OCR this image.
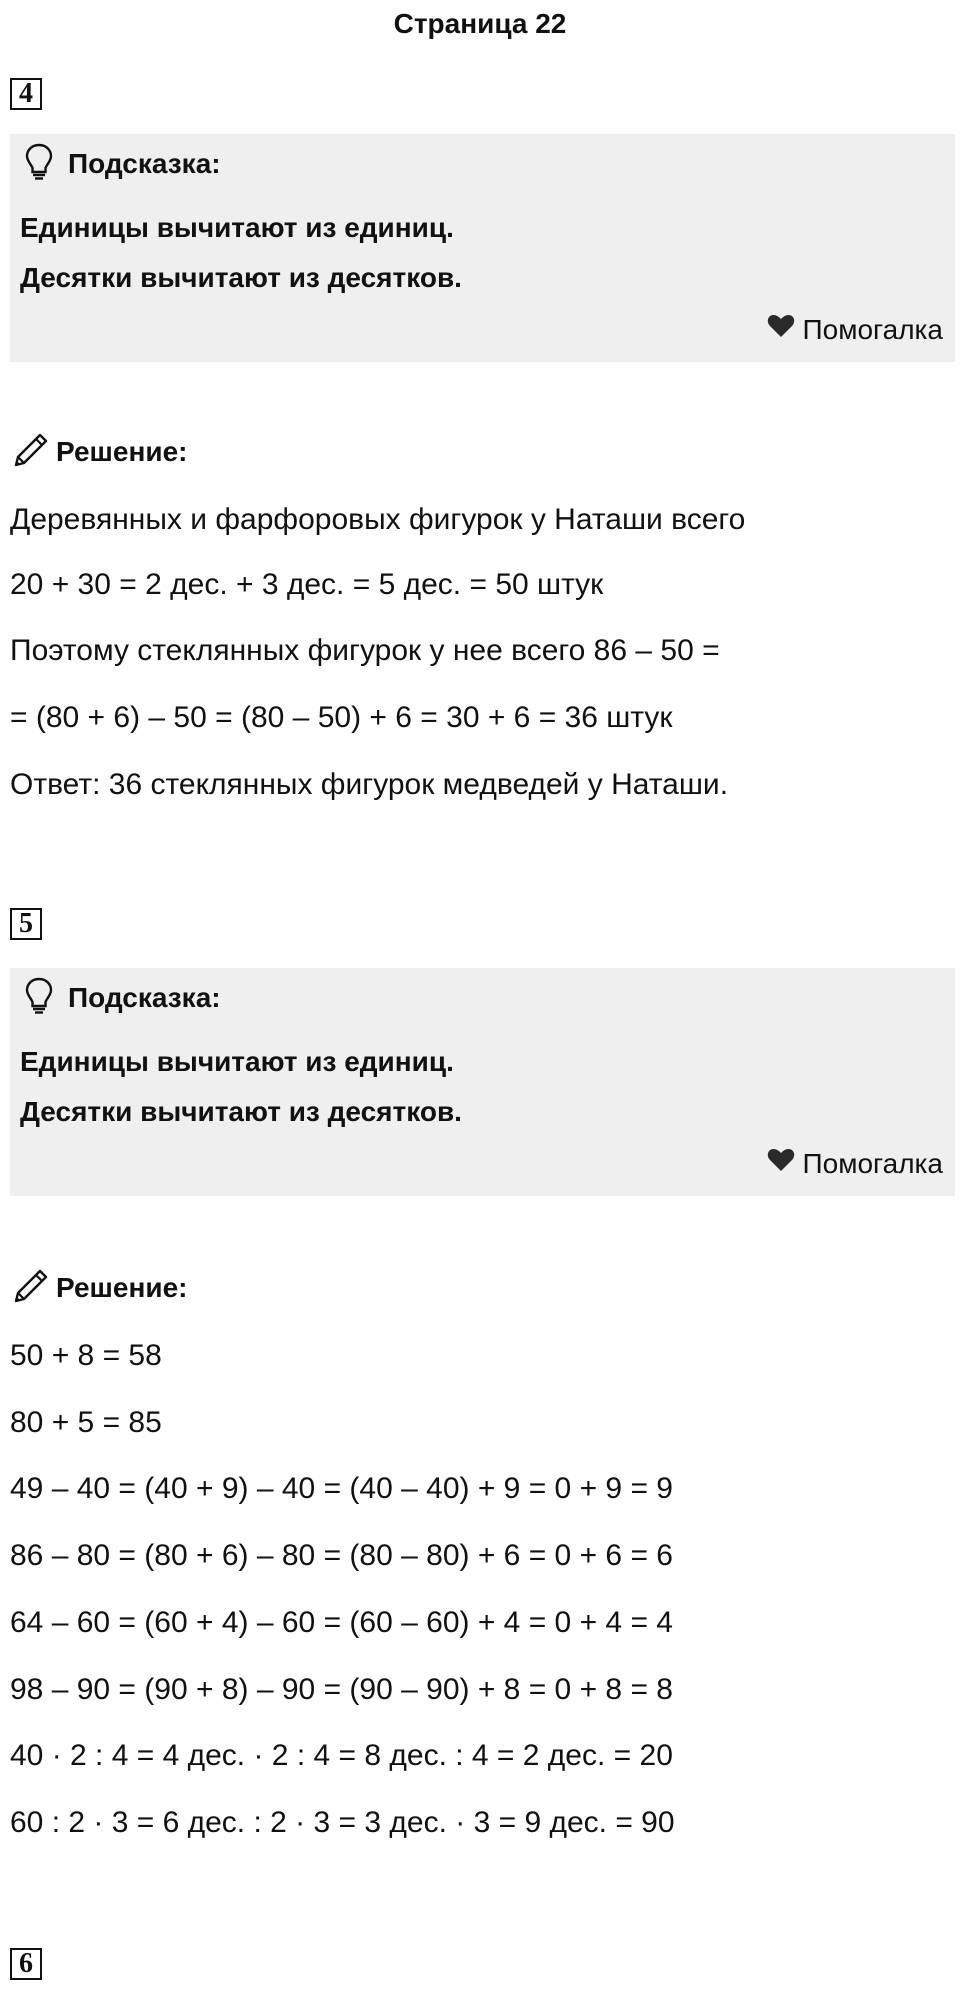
Страница 22
4
Подсказка:
Единицы вычитают из единиц.
Десятки вычитают из десятков.
Помогалка
Решение:
Деревянных и фарфоровых фигурок у Наташи всего
20 + 30 = 2 дес. + 3 дес. = 5 дес. = 50 штук
Поэтому стеклянных фигурок у нее всего 86 – 50 =
= (80 + 6) – 50 = (80 – 50) + 6 = 30 + 6 = 36 штук
Ответ: 36 стеклянных фигурок медведей у Наташи.
5
Подсказка:
Единицы вычитают из единиц.
Десятки вычитают из десятков.
Помогалка
Решение:
50 + 8 = 58
80 + 5 = 85
49 – 40 = (40 + 9) – 40 = (40 – 40) + 9 = 0 + 9 = 9
86 – 80 = (80 + 6) – 80 = (80 – 80) + 6 = 0 + 6 = 6
64 – 60 = (60 + 4) – 60 = (60 – 60) + 4 = 0 + 4 = 4
98 – 90 = (90 + 8) – 90 = (90 – 90) + 8 = 0 + 8 = 8
40 · 2 : 4 = 4 дес. · 2 : 4 = 8 дес. : 4 = 2 дес. = 20
60 : 2 · 3 = 6 дес. : 2 · 3 = 3 дес. · 3 = 9 дес. = 90
6
